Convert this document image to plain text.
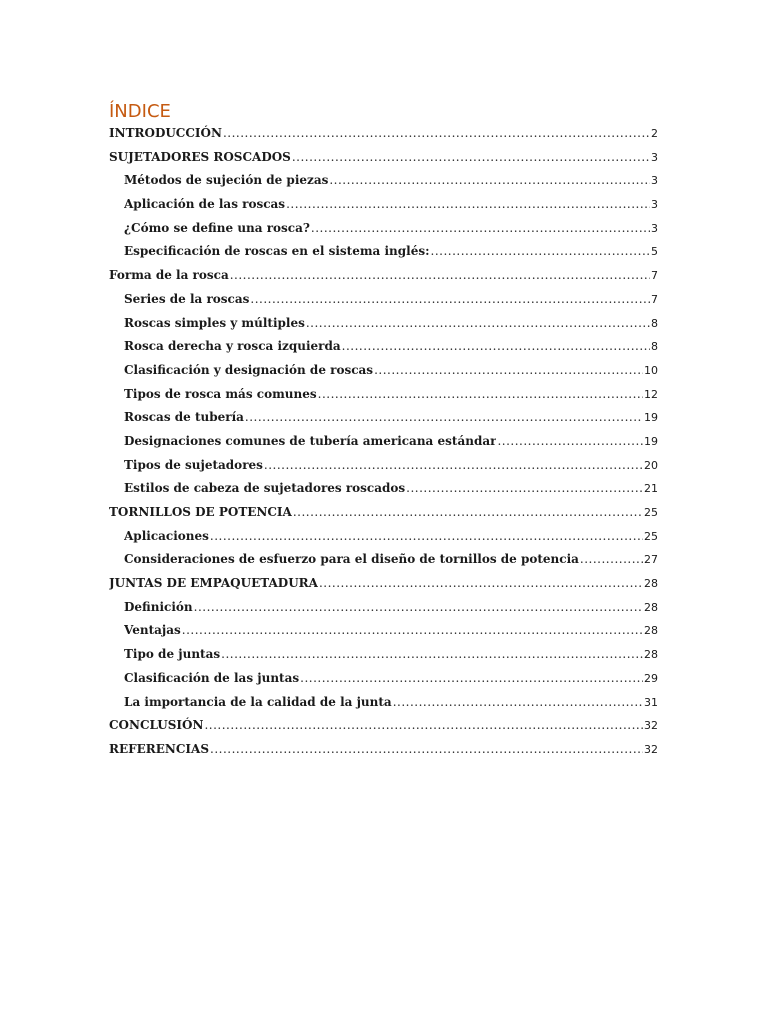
ÍNDICE
INTRODUCCIÓN .....	2
SUJETADORES ROSCADOS .....	3
Métodos de sujeción de piezas .....	3
Aplicación de las roscas .....	3
¿Cómo se define una rosca? .....	3
Especificación de roscas en el sistema inglés: .....	5
Forma de la rosca .....	7
Series de la roscas .....	7
Roscas simples y múltiples .....	8
Rosca derecha y rosca izquierda .....	8
Clasificación y designación de roscas .....	10
Tipos de rosca más comunes .....	12
Roscas de tubería .....	19
Designaciones comunes de tubería americana estándar .....	19
Tipos de sujetadores .....	20
Estilos de cabeza de sujetadores roscados .....	21
TORNILLOS DE POTENCIA .....	25
Aplicaciones .....	25
Consideraciones de esfuerzo para el diseño de tornillos de potencia .....	27
JUNTAS DE EMPAQUETADURA .....	28
Definición .....	28
Ventajas .....	28
Tipo de juntas .....	28
Clasificación de las juntas .....	29
La importancia de la calidad de la junta .....	31
CONCLUSIÓN .....	32
REFERENCIAS .....	32
